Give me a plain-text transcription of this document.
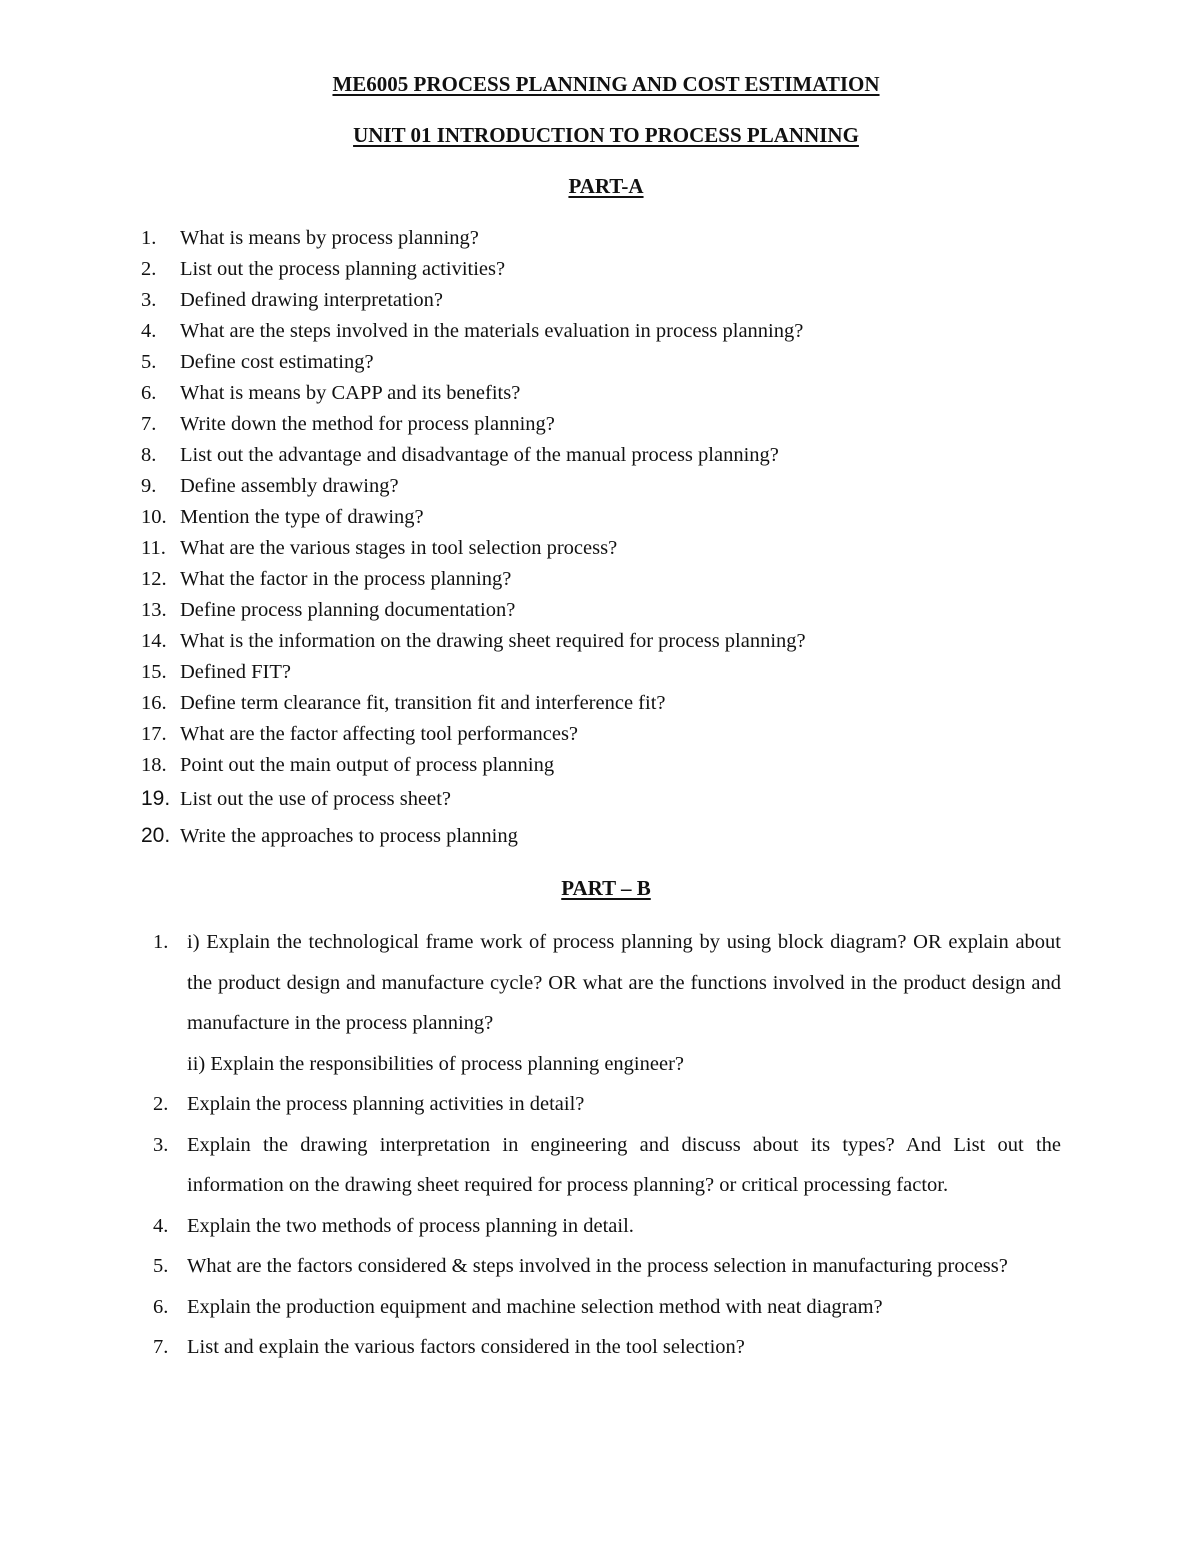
ME6005 PROCESS PLANNING AND COST ESTIMATION
UNIT 01 INTRODUCTION TO PROCESS PLANNING
PART-A
1.	What is means by process planning?
2.	List out the process planning activities?
3.	Defined drawing interpretation?
4.	What are the steps involved in the materials evaluation in process planning?
5.	Define cost estimating?
6.	What is means by CAPP and its benefits?
7.	Write down the method for process planning?
8.	List out the advantage and disadvantage of the manual process planning?
9.	Define assembly drawing?
10. Mention the type of drawing?
11. What are the various stages in tool selection process?
12. What the factor in the process planning?
13. Define process planning documentation?
14. What is the information on the drawing sheet required for process planning?
15. Defined FIT?
16. Define term clearance fit, transition fit and interference fit?
17. What are the factor affecting tool performances?
18. Point out the main output of process planning
19. List out the use of process sheet?
20. Write the approaches to process planning
PART – B
1. i) Explain the technological frame work of process planning by using block diagram? OR explain about the product design and manufacture cycle? OR what are the functions involved in the product design and manufacture in the process planning?
ii) Explain the responsibilities of process planning engineer?
2. Explain the process planning activities in detail?
3. Explain the drawing interpretation in engineering and discuss about its types? And List out the information on the drawing sheet required for process planning? or critical processing factor.
4. Explain the two methods of process planning in detail.
5. What are the factors considered & steps involved in the process selection in manufacturing process?
6. Explain the production equipment and machine selection method with neat diagram?
7. List and explain the various factors considered in the tool selection?
